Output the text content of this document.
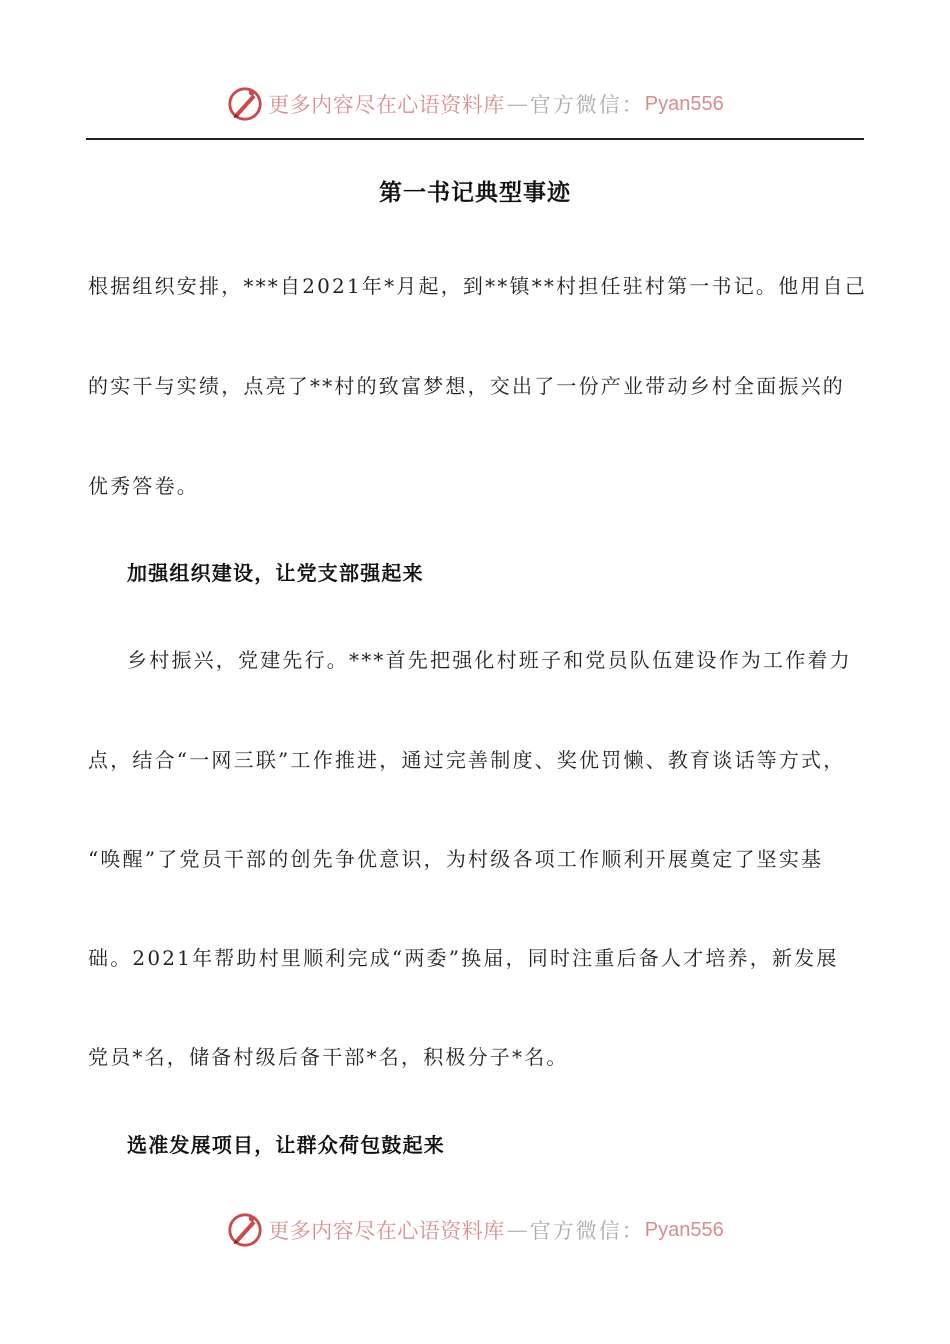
更多内容尽在心语资料库 — 官方微信： Pyan556
第一书记典型事迹

根据组织安排，***自2021年*月起，到**镇**村担任驻村第一书记。他用自己

的实干与实绩，点亮了**村的致富梦想，交出了一份产业带动乡村全面振兴的

优秀答卷。

加强组织建设，让党支部强起来

乡村振兴，党建先行。***首先把强化村班子和党员队伍建设作为工作着力

点，结合“一网三联”工作推进，通过完善制度、奖优罚懒、教育谈话等方式，

“唤醒”了党员干部的创先争优意识，为村级各项工作顺利开展奠定了坚实基

础。2021年帮助村里顺利完成“两委”换届，同时注重后备人才培养，新发展

党员*名，储备村级后备干部*名，积极分子*名。

选准发展项目，让群众荷包鼓起来
更多内容尽在心语资料库 — 官方微信： Pyan556
